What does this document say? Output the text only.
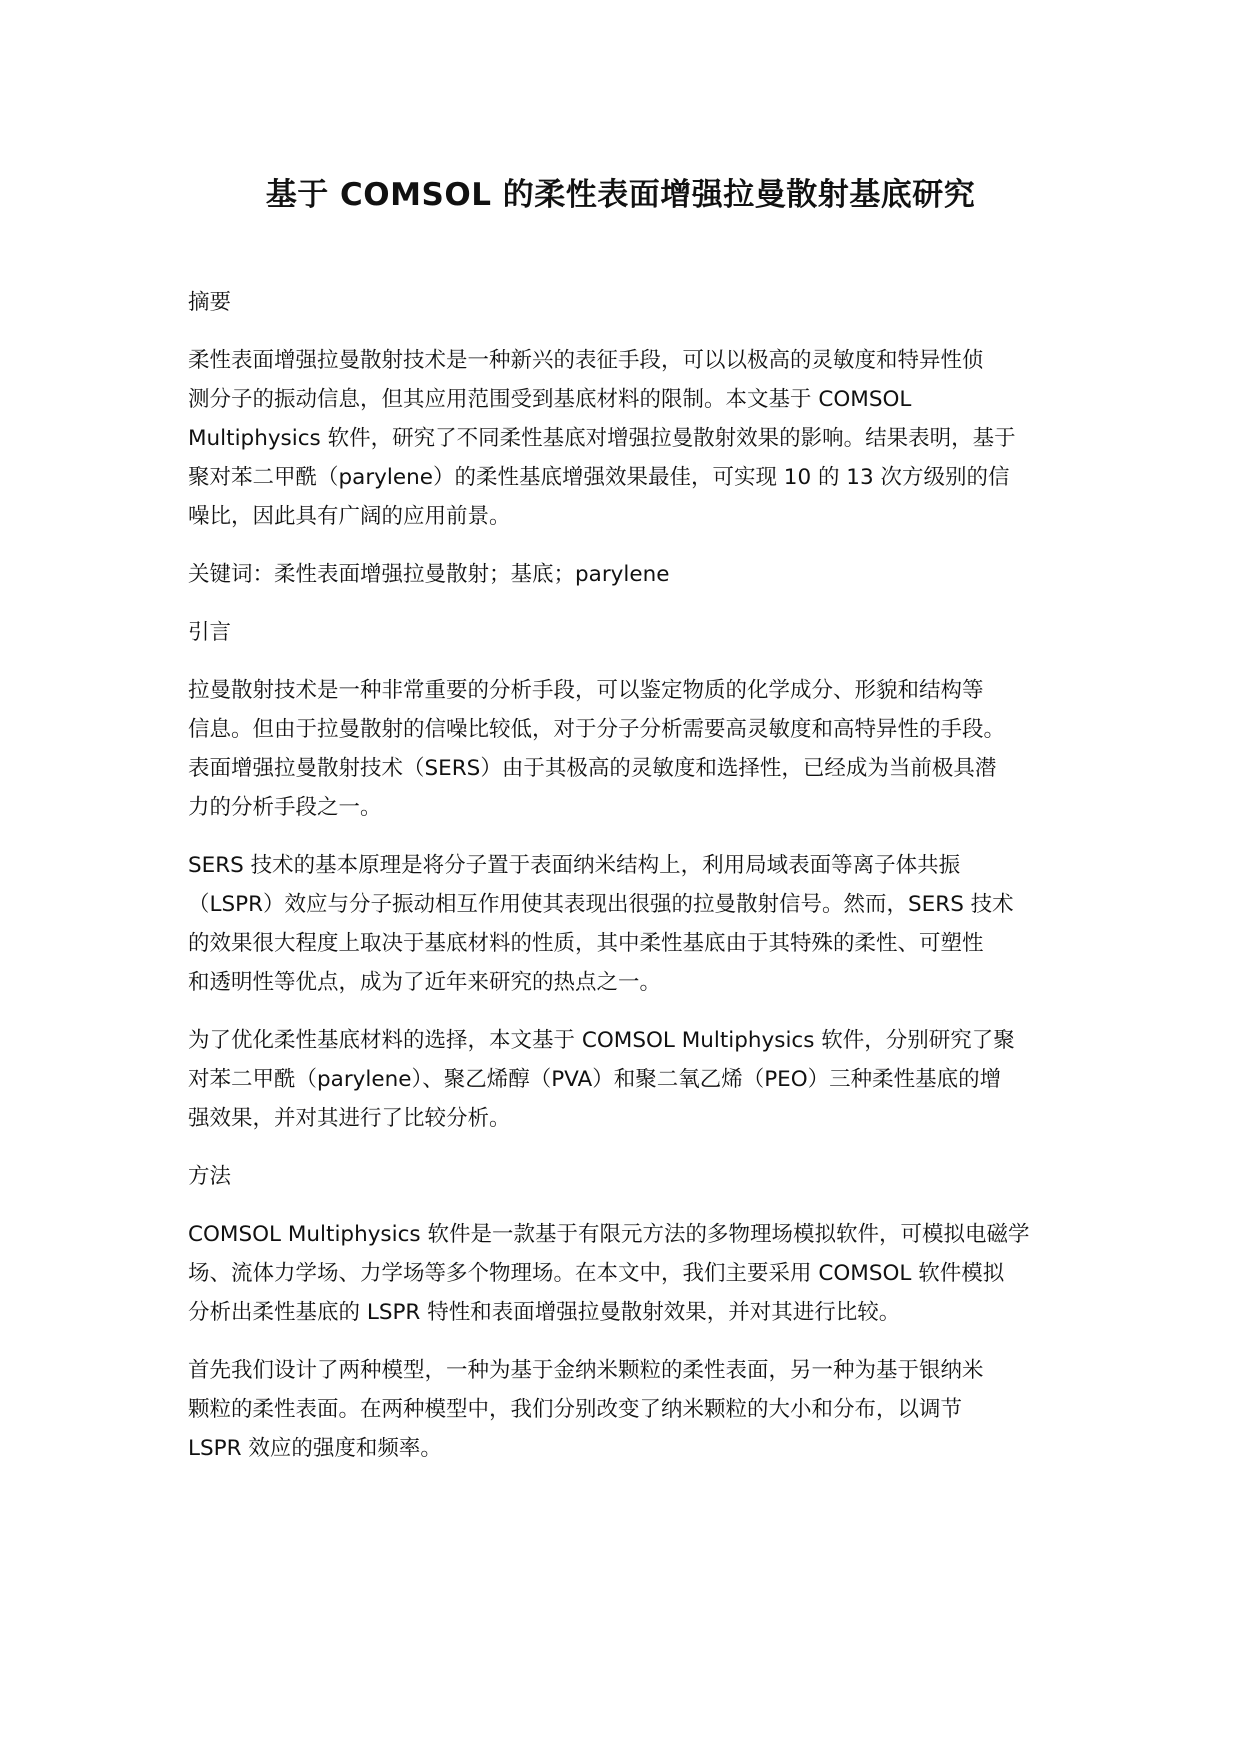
基于 COMSOL 的柔性表面增强拉曼散射基底研究
摘要
柔性表面增强拉曼散射技术是一种新兴的表征手段，可以以极高的灵敏度和特异性侦
测分子的振动信息，但其应用范围受到基底材料的限制。本文基于 COMSOL
Multiphysics 软件，研究了不同柔性基底对增强拉曼散射效果的影响。结果表明，基于
聚对苯二甲酰（parylene）的柔性基底增强效果最佳，可实现 10 的 13 次方级别的信
噪比，因此具有广阔的应用前景。
关键词：柔性表面增强拉曼散射；基底；parylene
引言
拉曼散射技术是一种非常重要的分析手段，可以鉴定物质的化学成分、形貌和结构等
信息。但由于拉曼散射的信噪比较低，对于分子分析需要高灵敏度和高特异性的手段。
表面增强拉曼散射技术（SERS）由于其极高的灵敏度和选择性，已经成为当前极具潜
力的分析手段之一。
SERS 技术的基本原理是将分子置于表面纳米结构上，利用局域表面等离子体共振
（LSPR）效应与分子振动相互作用使其表现出很强的拉曼散射信号。然而，SERS 技术
的效果很大程度上取决于基底材料的性质，其中柔性基底由于其特殊的柔性、可塑性
和透明性等优点，成为了近年来研究的热点之一。
为了优化柔性基底材料的选择，本文基于 COMSOL Multiphysics 软件，分别研究了聚
对苯二甲酰（parylene）、聚乙烯醇（PVA）和聚二氧乙烯（PEO）三种柔性基底的增
强效果，并对其进行了比较分析。
方法
COMSOL Multiphysics 软件是一款基于有限元方法的多物理场模拟软件，可模拟电磁学
场、流体力学场、力学场等多个物理场。在本文中，我们主要采用 COMSOL 软件模拟
分析出柔性基底的 LSPR 特性和表面增强拉曼散射效果，并对其进行比较。
首先我们设计了两种模型，一种为基于金纳米颗粒的柔性表面，另一种为基于银纳米
颗粒的柔性表面。在两种模型中，我们分别改变了纳米颗粒的大小和分布，以调节
LSPR 效应的强度和频率。
